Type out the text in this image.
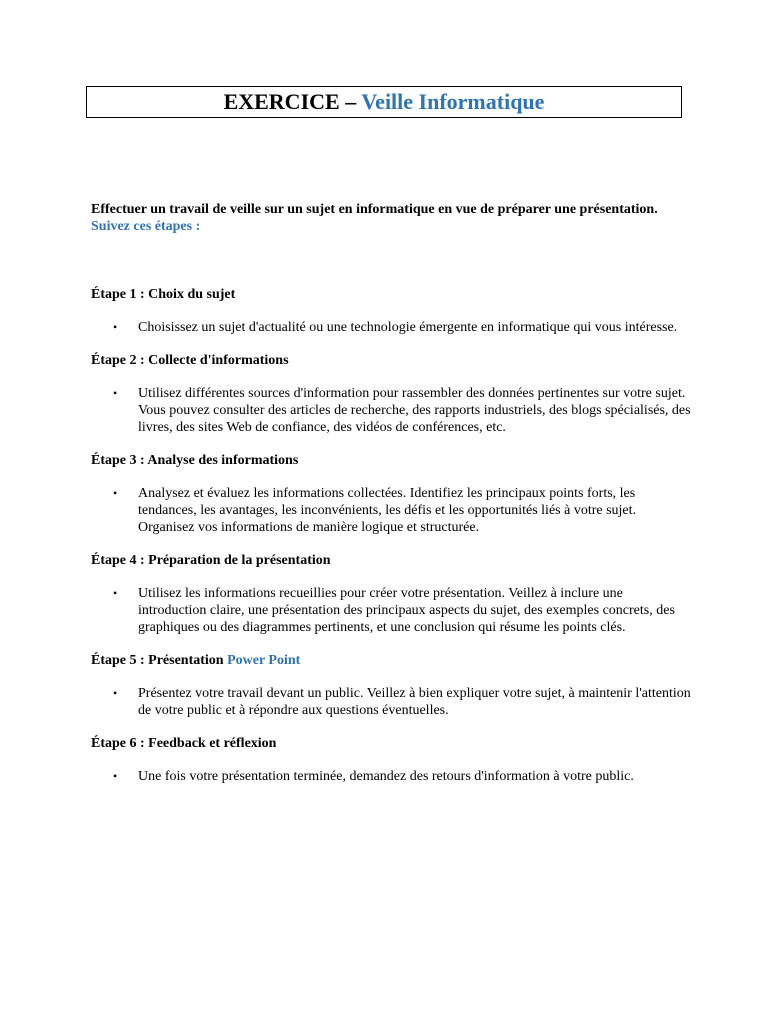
EXERCICE – Veille Informatique
Effectuer un travail de veille sur un sujet en informatique en vue de préparer une présentation. Suivez ces étapes :

Étape 1 : Choix du sujet

• Choisissez un sujet d'actualité ou une technologie émergente en informatique qui vous intéresse.

Étape 2 : Collecte d'informations

• Utilisez différentes sources d'information pour rassembler des données pertinentes sur votre sujet. Vous pouvez consulter des articles de recherche, des rapports industriels, des blogs spécialisés, des livres, des sites Web de confiance, des vidéos de conférences, etc.

Étape 3 : Analyse des informations

• Analysez et évaluez les informations collectées. Identifiez les principaux points forts, les tendances, les avantages, les inconvénients, les défis et les opportunités liés à votre sujet. Organisez vos informations de manière logique et structurée.

Étape 4 : Préparation de la présentation

• Utilisez les informations recueillies pour créer votre présentation. Veillez à inclure une introduction claire, une présentation des principaux aspects du sujet, des exemples concrets, des graphiques ou des diagrammes pertinents, et une conclusion qui résume les points clés.

Étape 5 : Présentation Power Point

• Présentez votre travail devant un public. Veillez à bien expliquer votre sujet, à maintenir l'attention de votre public et à répondre aux questions éventuelles.

Étape 6 : Feedback et réflexion

• Une fois votre présentation terminée, demandez des retours d'information à votre public.
